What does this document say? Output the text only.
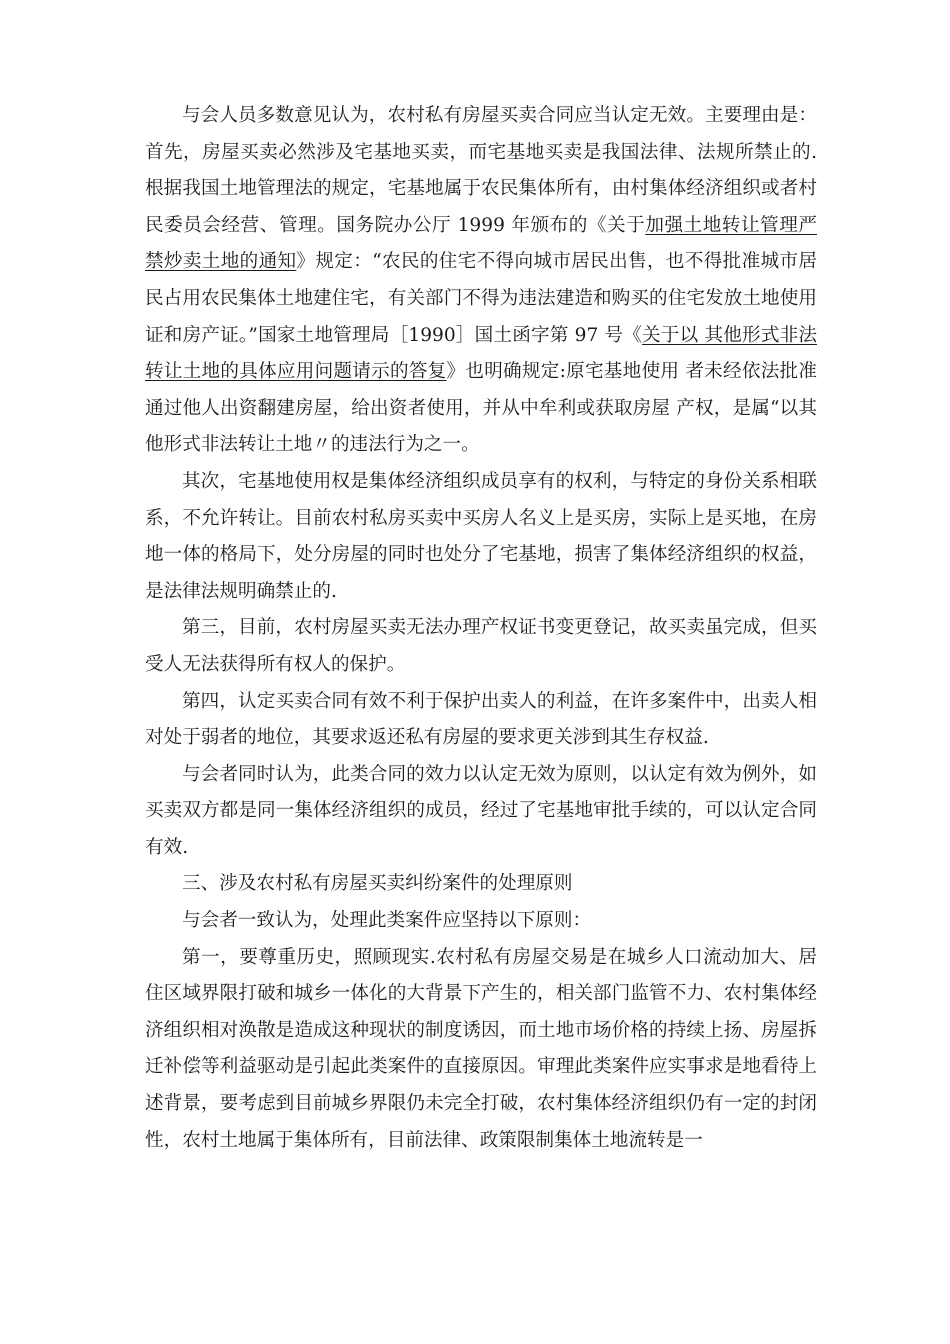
与会人员多数意见认为，农村私有房屋买卖合同应当认定无效。主要理由是：首先，房屋买卖必然涉及宅基地买卖，而宅基地买卖是我国法律、法规所禁止的.根据我国土地管理法的规定，宅基地属于农民集体所有，由村集体经济组织或者村民委员会经营、管理。国务院办公厅 1999 年颁布的《关于加强土地转让管理严禁炒卖土地的通知》规定：“农民的住宅不得向城市居民出售，也不得批准城市居民占用农民集体土地建住宅，有关部门不得为违法建造和购买的住宅发放土地使用证和房产证。”国家土地管理局［1990］国土函字第 97 号《关于以 其他形式非法转让土地的具体应用问题请示的答复》也明确规定:原宅基地使用 者未经依法批准通过他人出资翻建房屋，给出资者使用，并从中牟利或获取房屋 产权，是属“以其他形式非法转让土地〃的违法行为之一。

其次，宅基地使用权是集体经济组织成员享有的权利，与特定的身份关系相联系，不允许转让。目前农村私房买卖中买房人名义上是买房，实际上是买地，在房地一体的格局下，处分房屋的同时也处分了宅基地，损害了集体经济组织的权益，是法律法规明确禁止的.

第三，目前，农村房屋买卖无法办理产权证书变更登记，故买卖虽完成，但买受人无法获得所有权人的保护。

第四，认定买卖合同有效不利于保护出卖人的利益，在许多案件中，出卖人相 对处于弱者的地位，其要求返还私有房屋的要求更关涉到其生存权益.

与会者同时认为，此类合同的效力以认定无效为原则，以认定有效为例外，如买卖双方都是同一集体经济组织的成员，经过了宅基地审批手续的，可以认定合同有效.

三、涉及农村私有房屋买卖纠纷案件的处理原则

与会者一致认为，处理此类案件应坚持以下原则：

第一，要尊重历史，照顾现实.农村私有房屋交易是在城乡人口流动加大、居住区域界限打破和城乡一体化的大背景下产生的，相关部门监管不力、农村集体经济组织相对涣散是造成这种现状的制度诱因，而土地市场价格的持续上扬、房屋拆迁补偿等利益驱动是引起此类案件的直接原因。审理此类案件应实事求是地看待上述背景，要考虑到目前城乡界限仍未完全打破，农村集体经济组织仍有一定的封闭性，农村土地属于集体所有，目前法律、政策限制集体土地流转是一
